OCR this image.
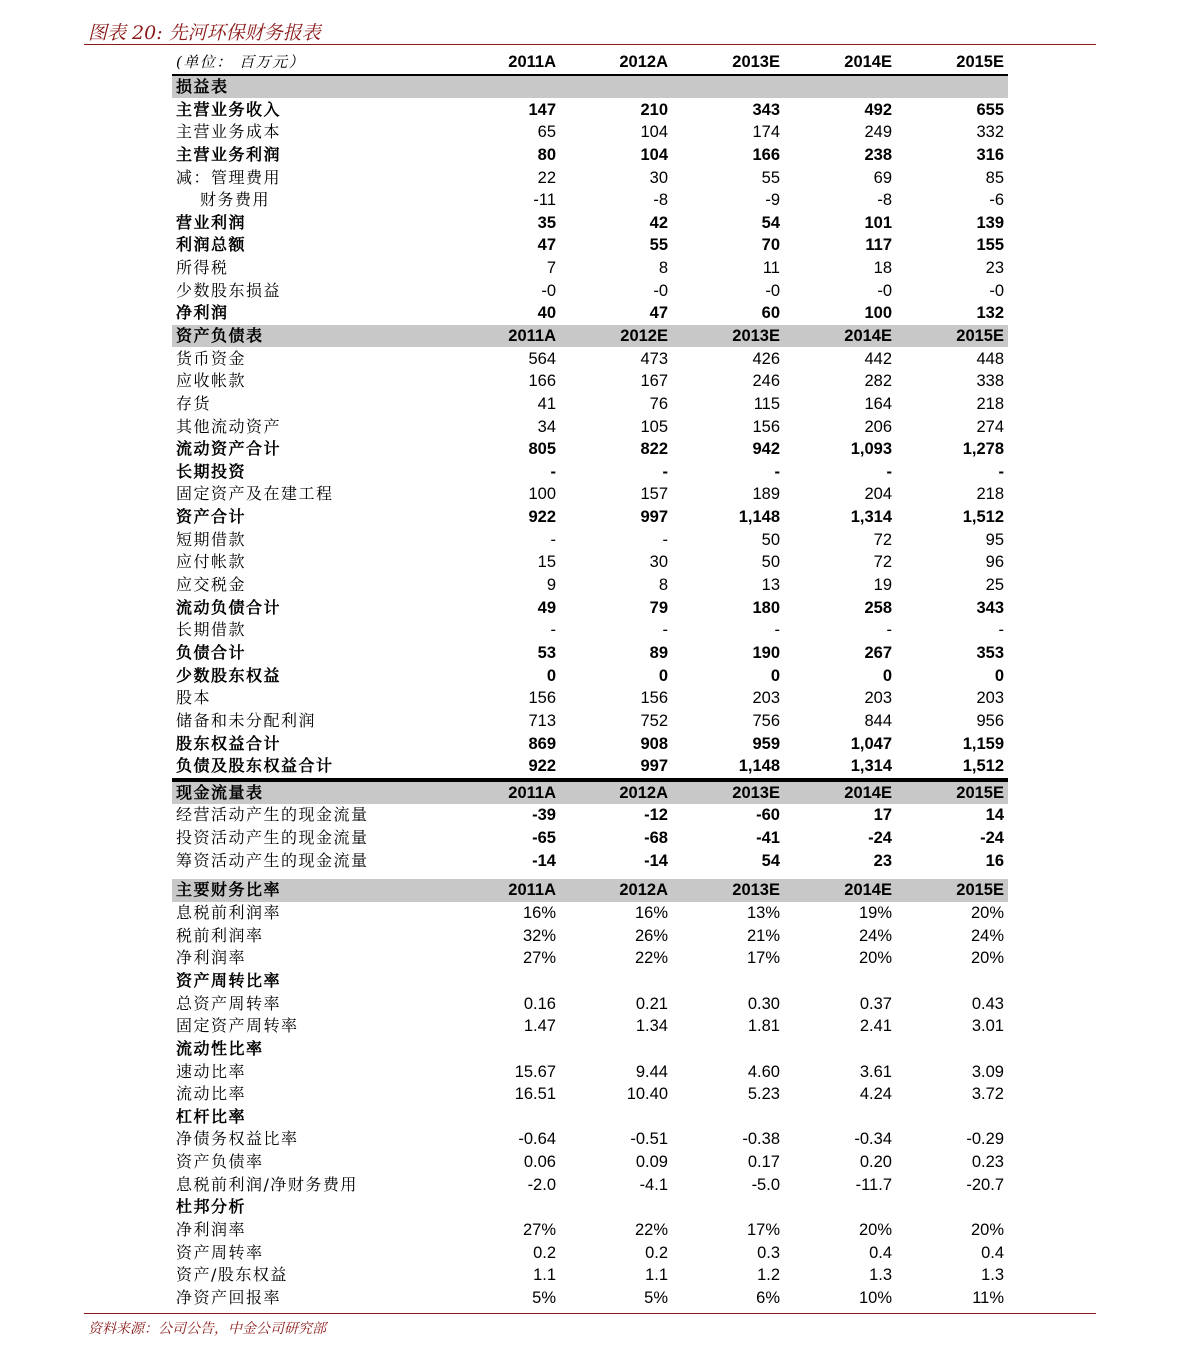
图表 20: 先河环保财务报表
(单位： 百万元）	2011A	2012A	2013E	2014E	2015E
损益表
主营业务收入	147	210	343	492	655
主营业务成本	65	104	174	249	332
主营业务利润	80	104	166	238	316
减：管理费用	22	30	55	69	85
财务费用	-11	-8	-9	-8	-6
营业利润	35	42	54	101	139
利润总额	47	55	70	117	155
所得税	7	8	11	18	23
少数股东损益	-0	-0	-0	-0	-0
净利润	40	47	60	100	132
资产负债表	2011A	2012E	2013E	2014E	2015E
货币资金	564	473	426	442	448
应收帐款	166	167	246	282	338
存货	41	76	115	164	218
其他流动资产	34	105	156	206	274
流动资产合计	805	822	942	1,093	1,278
长期投资	-	-	-	-	-
固定资产及在建工程	100	157	189	204	218
资产合计	922	997	1,148	1,314	1,512
短期借款	-	-	50	72	95
应付帐款	15	30	50	72	96
应交税金	9	8	13	19	25
流动负债合计	49	79	180	258	343
长期借款	-	-	-	-	-
负债合计	53	89	190	267	353
少数股东权益	0	0	0	0	0
股本	156	156	203	203	203
储备和未分配利润	713	752	756	844	956
股东权益合计	869	908	959	1,047	1,159
负债及股东权益合计	922	997	1,148	1,314	1,512
现金流量表	2011A	2012A	2013E	2014E	2015E
经营活动产生的现金流量	-39	-12	-60	17	14
投资活动产生的现金流量	-65	-68	-41	-24	-24
筹资活动产生的现金流量	-14	-14	54	23	16
主要财务比率	2011A	2012A	2013E	2014E	2015E
息税前利润率	16%	16%	13%	19%	20%
税前利润率	32%	26%	21%	24%	24%
净利润率	27%	22%	17%	20%	20%
资产周转比率
总资产周转率	0.16	0.21	0.30	0.37	0.43
固定资产周转率	1.47	1.34	1.81	2.41	3.01
流动性比率
速动比率	15.67	9.44	4.60	3.61	3.09
流动比率	16.51	10.40	5.23	4.24	3.72
杠杆比率
净债务权益比率	-0.64	-0.51	-0.38	-0.34	-0.29
资产负债率	0.06	0.09	0.17	0.20	0.23
息税前利润/净财务费用	-2.0	-4.1	-5.0	-11.7	-20.7
杜邦分析
净利润率	27%	22%	17%	20%	20%
资产周转率	0.2	0.2	0.3	0.4	0.4
资产/股东权益	1.1	1.1	1.2	1.3	1.3
净资产回报率	5%	5%	6%	10%	11%
资料来源：公司公告，中金公司研究部
